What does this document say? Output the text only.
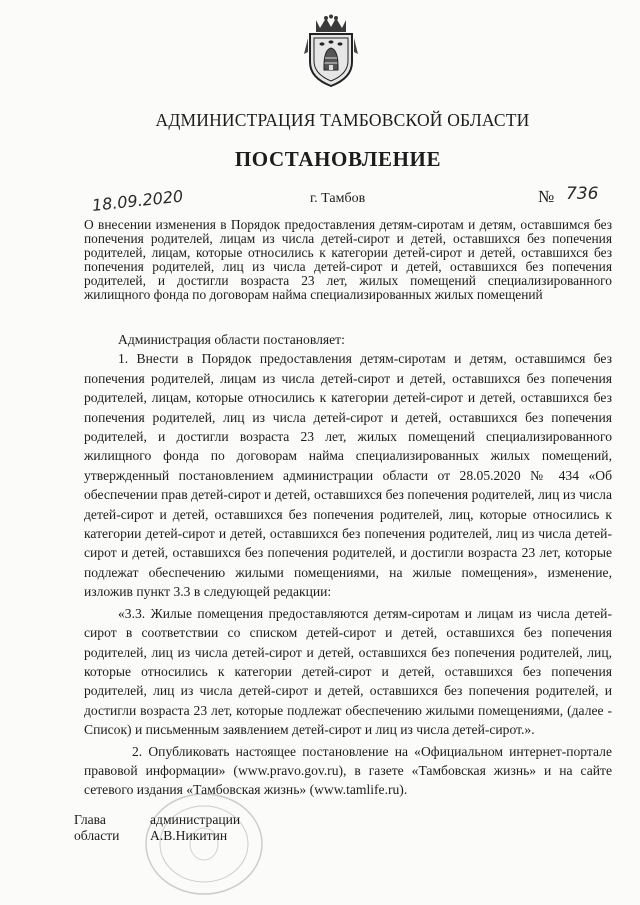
АДМИНИСТРАЦИЯ ТАМБОВСКОЙ ОБЛАСТИ
ПОСТАНОВЛЕНИЕ
18.09.2020	г. Тамбов	№ 736
О внесении изменения в Порядок предоставления детям-сиротам и детям, оставшимся без попечения родителей, лицам из числа детей-сирот и детей, оставшихся без попечения родителей, лицам, которые относились к категории детей-сирот и детей, оставшихся без попечения родителей, лиц из числа детей-сирот и детей, оставшихся без попечения родителей, и достигли возраста 23 лет, жилых помещений специализированного жилищного фонда по договорам найма специализированных жилых помещений

Администрация области постановляет:

1. Внести в Порядок предоставления детям-сиротам и детям, оставшимся без попечения родителей, лицам из числа детей-сирот и детей, оставшихся без попечения родителей, лицам, которые относились к категории детей-сирот и детей, оставшихся без попечения родителей, лиц из числа детей-сирот и детей, оставшихся без попечения родителей, и достигли возраста 23 лет, жилых помещений специализированного жилищного фонда по договорам найма специализированных жилых помещений, утвержденный постановлением администрации области от 28.05.2020 № 434 «Об обеспечении прав детей-сирот и детей, оставшихся без попечения родителей, лиц из числа детей-сирот и детей, оставшихся без попечения родителей, лиц, которые относились к категории детей-сирот и детей, оставшихся без попечения родителей, лиц из числа детей-сирот и детей, оставшихся без попечения родителей, и достигли возраста 23 лет, которые подлежат обеспечению жилыми помещениями, на жилые помещения», изменение, изложив пункт 3.3 в следующей редакции:

«3.3. Жилые помещения предоставляются детям-сиротам и лицам из числа детей-сирот в соответствии со списком детей-сирот и детей, оставшихся без попечения родителей, лиц из числа детей-сирот и детей, оставшихся без попечения родителей, лиц, которые относились к категории детей-сирот и детей, оставшихся без попечения родителей, лиц из числа детей-сирот и детей, оставшихся без попечения родителей, и достигли возраста 23 лет, которые подлежат обеспечению жилыми помещениями, (далее - Список) и письменным заявлением детей-сирот и лиц из числа детей-сирот.».

2. Опубликовать настоящее постановление на «Официальном интернет-портале правовой информации» (www.pravo.gov.ru), в газете «Тамбовская жизнь» и на сайте сетевого издания «Тамбовская жизнь» (www.tamlife.ru).

Глава	администрации
области	А.В.Никитин
